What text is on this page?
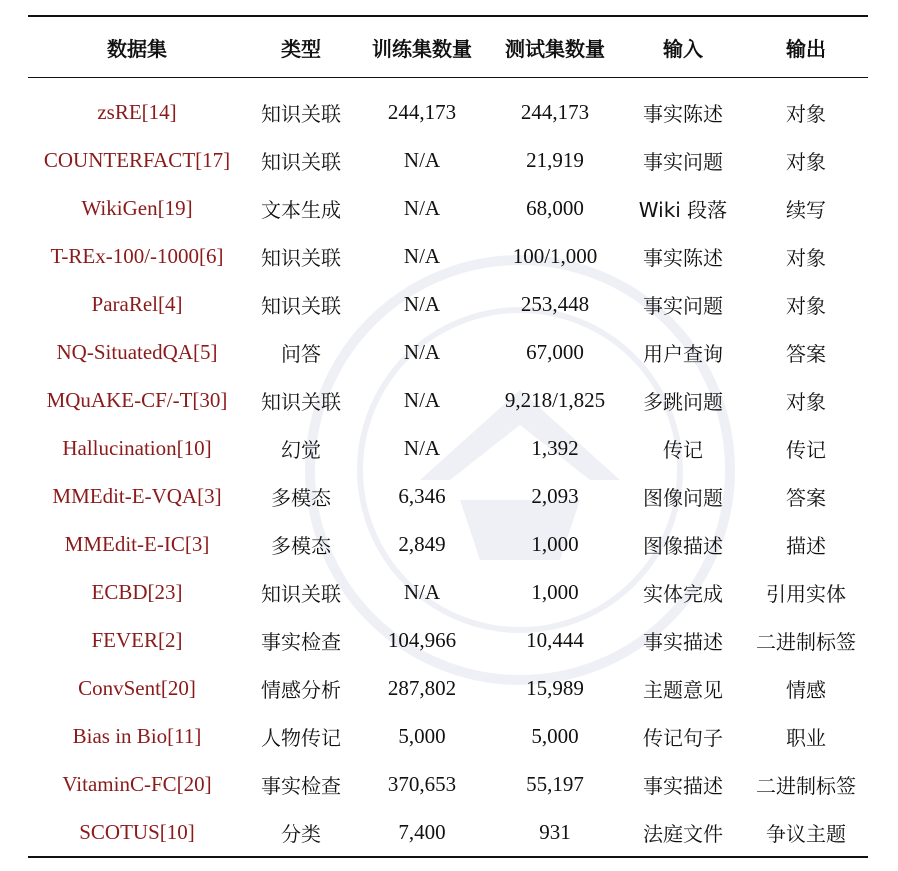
数据集	类型	训练集数量	测试集数量	输入	输出
zsRE[14]	知识关联	244,173	244,173	事实陈述	对象
COUNTERFACT[17]	知识关联	N/A	21,919	事实问题	对象
WikiGen[19]	文本生成	N/A	68,000	Wiki 段落	续写
T-REx-100/-1000[6]	知识关联	N/A	100/1,000	事实陈述	对象
ParaRel[4]	知识关联	N/A	253,448	事实问题	对象
NQ-SituatedQA[5]	问答	N/A	67,000	用户查询	答案
MQuAKE-CF/-T[30]	知识关联	N/A	9,218/1,825	多跳问题	对象
Hallucination[10]	幻觉	N/A	1,392	传记	传记
MMEdit-E-VQA[3]	多模态	6,346	2,093	图像问题	答案
MMEdit-E-IC[3]	多模态	2,849	1,000	图像描述	描述
ECBD[23]	知识关联	N/A	1,000	实体完成	引用实体
FEVER[2]	事实检查	104,966	10,444	事实描述	二进制标签
ConvSent[20]	情感分析	287,802	15,989	主题意见	情感
Bias in Bio[11]	人物传记	5,000	5,000	传记句子	职业
VitaminC-FC[20]	事实检查	370,653	55,197	事实描述	二进制标签
SCOTUS[10]	分类	7,400	931	法庭文件	争议主题
